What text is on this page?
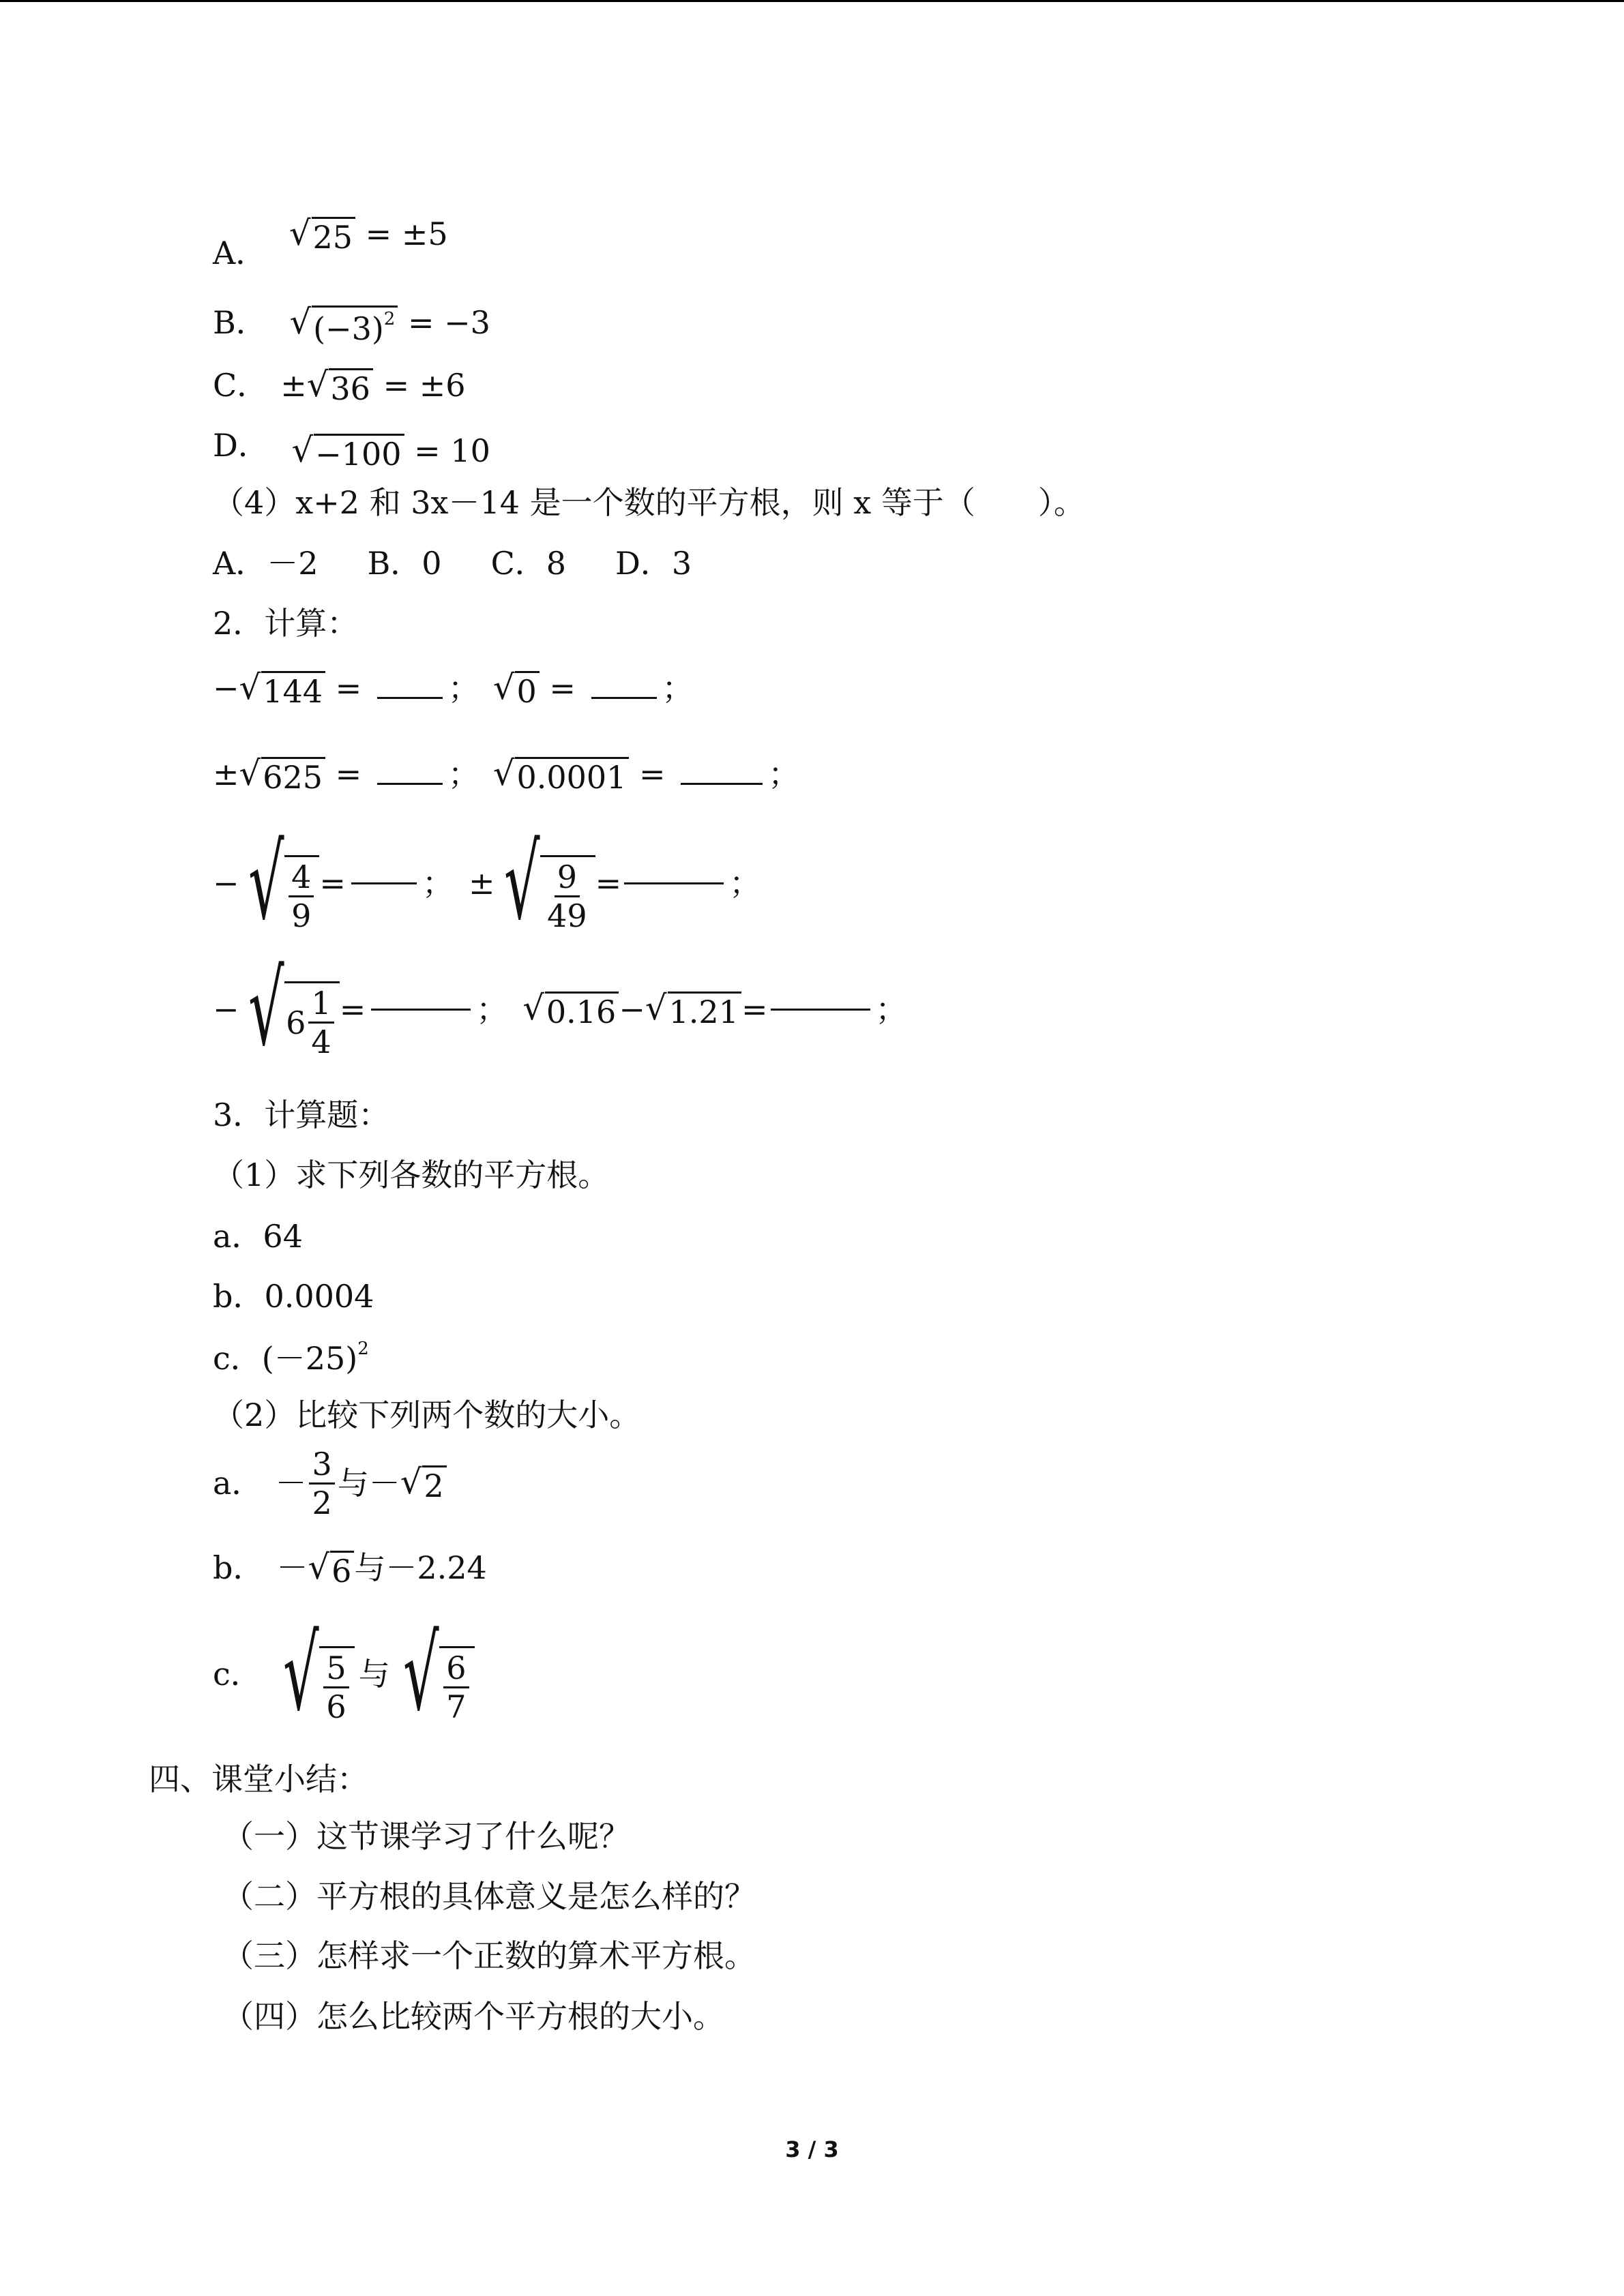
A． √ 25 = ±5
B． √ $(-3)^2 = -3$
C． ± √ 36 = ±6
D． √ −100 = 10
（4）x+2 和 3x－14 是一个数的平方根，则 x 等于（　　）。
A．－2 B．0 C．8 D．3
2．计算：
− √ 144 = ； √ 0 = ；
± √ 625 = ； √ 0.0001 =	；
− √ $\frac{4}{9}$ = ； ± √ $\frac{9}{49}$ =	；
− √ $6 \frac{1}{4}$ =	； √ 0.16 − √ 1.21 =	；
3．计算题：
（1）求下列各数的平方根。
a．64
b．0.0004
c．$(-25)^2$
（2）比较下列两个数的大小。
a． － $\frac{3}{2}$ 与－ √ 2
b． － √ 6 与－2.24
c． √ $\frac{5}{6}$ 与 √ $\frac{6}{7}$
四、课堂小结：
（一）这节课学习了什么呢？
（二）平方根的具体意义是怎么样的？
（三）怎样求一个正数的算术平方根。
（四）怎么比较两个平方根的大小。
3 / 3
